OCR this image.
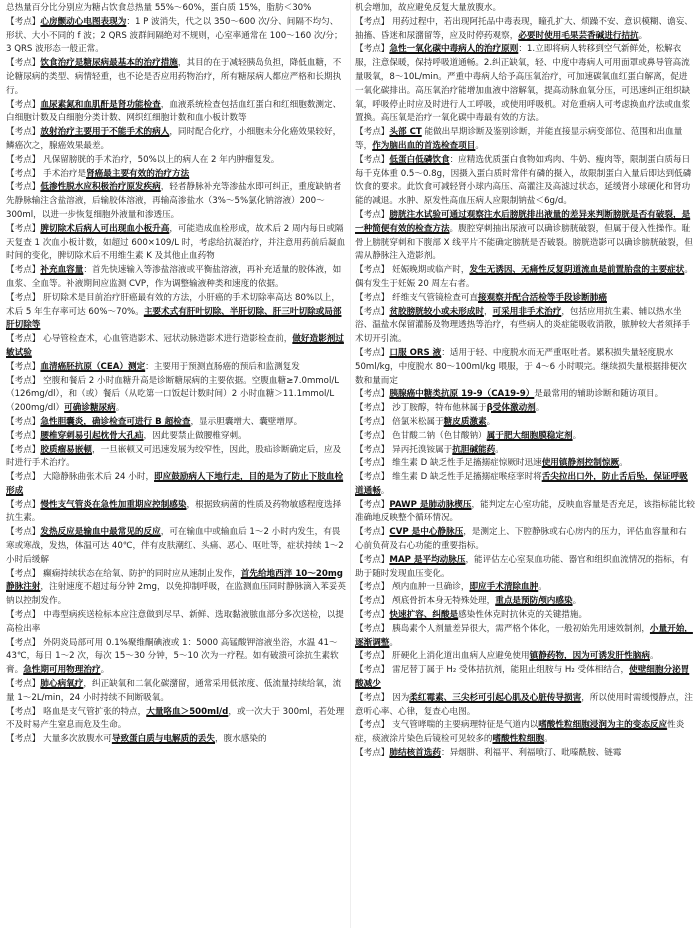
总热量百分比分别应为糖占饮食总热量 55%～60%，蛋白质 15%，脂肪＜30%

【考点】心房颤动心电图表现为：1 P 波消失，代之以 350～600 次/分、间隔不均匀、形状、大小不同的 f 波；2 QRS 波群间隔绝对不规则，心室率通常在 100～160 次/分；3 QRS 波形态一般正常。

【考点】饮食治疗是糖尿病最基本的治疗措施，其目的在于减轻胰岛负担，降低血糖，不论糖尿病的类型、病情轻重，也不论是否应用药物治疗，所有糖尿病人都应严格和长期执行。

【考点】血尿素氮和血肌酐是肾功能检查，血液系统检查包括血红蛋白和红细胞数测定、白细胞计数及白细胞分类计数、网织红细胞计数和血小板计数等

【考点】放射治疗主要用于不能手术的病人，同时配合化疗，小细胞未分化癌效果较好，鳞癌次之，腺癌效果最差。

【考点】 凡保留膀胱的手术治疗，50%以上的病人在 2 年内肿瘤复发。

【考点】 手术治疗是肾癌最主要有效的治疗方法

【考点】低渗性脱水应积极治疗原发疾病，轻者静脉补充等渗盐水即可纠正，重度缺钠者先静脉输注含盐溶液，后输胶体溶液，再输高渗盐水（3%～5%氯化钠溶液）200～300ml，以进一步恢复细胞外液量和渗透压。

【考点】脾切除术后病人可出现血小板升高，可能造成血栓形成，故术后 2 周内每日或隔天复查 1 次血小板计数，如超过 600×109/L 时，考虑给抗凝治疗，并注意用药前后凝血时间的变化，脾切除术后不用维生素 K 及其他止血药物

【考点】补充血容量：首先快速输入等渗盐溶液或平衡盐溶液，再补充适量的胶体液，如血浆、全血等。补液期间应监测 CVP，作为调整输液种类和速度的依据。

【考点】 肝切除术是目前治疗肝癌最有效的方法，小肝癌的手术切除率高达 80%以上，术后 5 年生存率可达 60%～70%。主要术式有肝叶切除、半肝切除、肝三叶切除或局部肝切除等

【考点】 心导管检查术，心血管造影术、冠状动脉造影术进行造影检查前，做好造影剂过敏试验

【考点】血清癌胚抗原（CEA）测定：主要用于预测直肠癌的预后和监测复发

【考点】 空腹和餐后 2 小时血糖升高是诊断糖尿病的主要依据。空腹血糖≥7.0mmol/L（126mg/dl），和（或）餐后（从吃第一口饭起计数时间）2 小时血糖＞11.1mmol/L（200mg/dl）可确诊糖尿病。

【考点】急性胆囊炎，确诊检查可进行 B 超检查，显示胆囊增大、囊壁增厚。

【考点】腰椎穿刺易引起枕骨大孔疝，因此要禁止做腰椎穿刺。

【考点】胶质瘤易嵌顿，一旦嵌顿又可迅速发展为绞窄性，因此，股疝诊断确定后，应及时进行手术治疗。

【考点】 大隐静脉曲张术后 24 小时，即应鼓励病人下地行走，目的是为了防止下肢血栓形成

【考点】慢性支气管炎在急性加重期应控制感染，根据致病菌的性质及药物敏感程度选择抗生素。

【考点】发热反应是输血中最常见的反应，可在输血中或输血后 1～2 小时内发生，有畏寒或寒战，发热，体温可达 40℃，伴有皮肤潮红、头痛、恶心、呕吐等，症状持续 1～2 小时后缓解

【考点】 癫痫持续状态在给氧、防护的同时应从速制止发作，首先给地西泮 10～20mg 静脉注射，注射速度不超过每分钟 2mg，以免抑制呼吸，在监测血压同时静脉滴入苯妥英钠以控制发作。

【考点】 中毒型病疾送检标本应注意做到尽早、新鲜、选取黏液脓血部分多次送检，以提高检出率

【考点】 外阴炎局部可用 0.1%聚维酮碘液或 1：5000 高锰酸钾溶液坐浴，水温 41～43℃，每日 1～2 次，每次 15～30 分钟，5～10 次为一疗程。如有破溃可涂抗生素软膏。急性期可用物理治疗。

【考点】肺心病氧疗，纠正缺氧和二氧化碳潴留，通常采用低浓度、低流量持续给氧，流量 1～2L/min，24 小时持续不间断吸氧。

【考点】 咯血是支气管扩张的特点，大量咯血＞500ml/d，或一次大于 300ml，若处理不及时易产生窒息而危及生命。

【考点】 大量多次放腹水可导致蛋白质与电解质的丢失，腹水感染的

机会增加，故应避免反复大量放腹水。

【考点】 用药过程中，若出现阿托品中毒表现，瞳孔扩大、烦躁不安、意识模糊、谵妄、抽搐、昏迷和尿潴留等，应及时停药观察，必要时使用毛果芸香碱进行拮抗。

【考点】急性一氧化碳中毒病人的治疗原则：1.立即将病人转移到空气新鲜处，松解衣服，注意保暖，保持呼吸道通畅。2.纠正缺氧，轻、中度中毒病人可用面罩或鼻导管高流量吸氧，8～10L/min。严重中毒病人给予高压氧治疗，可加速碳氧血红蛋白解离，促进一氧化碳排出。高压氧治疗能增加血液中溶解氧，提高动脉血氧分压，可迅速纠正组织缺氧，呼吸停止时应及时进行人工呼吸，或使用呼吸机。对危重病人可考虑换血疗法或血浆置换。高压氧是治疗一氧化碳中毒最有效的方法。

【考点】头部 CT 能做出早期诊断及鉴别诊断，并能直接显示病变部位、范围和出血量等，作为脑出血的首选检查项目。

【考点】低蛋白低磷饮食：应精选优质蛋白食物如鸡肉、牛奶、瘦肉等，限制蛋白质每日每千克体重 0.5～0.8g，因摄入蛋白质时常伴有磷的摄入，故限制蛋白入量后即达到低磷饮食的要求。此饮食可减轻肾小球内高压、高灌注及高滤过状态，延缓肾小球硬化和肾功能的减退。水肿、原发性高血压病人应限制钠盐＜6g/d。

【考点】膀胱注水试验可通过观察注水后膀胱排出液量的差异来判断膀胱是否有破裂，是一种简便有效的检查方法。腹腔穿刺抽出尿液可以确诊膀胱破裂，但属于侵入性操作。耻骨上膀胱穿刺和下腹部 X 线平片不能确定膀胱是否破裂。膀胱造影可以确诊膀胱破裂，但需从静脉注入造影剂。

【考点】 妊娠晚期或临产时，发生无诱因、无痛性反复阴道流血是前置胎盘的主要症状。偶有发生于妊娠 20 周左右者。

【考点】 纤维支气管镜检查可直接观察并配合活检等手段诊断肺癌

【考点】贫胶膀胱较小或未形成时，可采用非手术治疗，包括应用抗生素、辅以热水坐浴、温盐水保留灌肠及物理透热等治疗，有些病人的炎症能吸收消散，脓肿较大者须择手术切开引流。

【考点】口服 ORS 液：适用于轻、中度脱水而无严重呕吐者。累积损失量轻度脱水 50ml/kg，中度脱水 80～100ml/kg 喂服，于 4～6 小时喂完。继续损失量根据排便次数和量而定

【考点】胰腺癌中糖类抗原 19-9（CA19-9）是最常用的辅助诊断和随访项目。

【考点】 沙丁胺醇，特布他林属于β受体激动剂。

【考点】 倍氯米松属于糖皮质激素。

【考点】 色甘酸二钠（色甘酸钠）属于肥大细胞膜稳定剂。

【考点】 异丙托溴铵属于抗胆碱能药。

【考点】 维生素 D 缺乏性手足搐搦症惊厥时迅速使用镇静剂控制惊厥。

【考点】 维生素 D 缺乏性手足搐搦症喉痉挛时将舌尖拉出口外，防止舌后坠，保证呼吸道通畅。

【考点】PAWP 是肺动脉楔压，能判定左心室功能，反映血容量是否充足，该指标能比较准确地反映整个循环情况。

【考点】CVP 是中心静脉压，是测定上、下腔静脉或右心房内的压力，评估血容量和右心前负荷及右心功能的重要指标。

【考点】MAP 是平均动脉压，能评估左心室泵血功能、器官和组织血流情况的指标，有助于随时发现血压变化。

【考点】 颅内血肿一旦确诊，即应手术清除血肿。

【考点】 颅底骨折本身无特殊处理，重点是预防颅内感染。

【考点】快速扩容、纠酸是感染性休克时抗休克的关键措施。

【考点】 胰岛素个人剂量差异很大，需严格个体化，一般初始先用速效制剂，小量开始，逐渐调整。

【考点】 肝硬化上消化道出血病人应避免使用镇静药物，因为可诱发肝性脑病。

【考点】 雷尼替丁属于 H₂ 受体拮抗剂，能阻止组胺与 H₂ 受体相结合，使壁细胞分泌胃酸减少

【考点】 因为柔红霉素、三尖杉可引起心肌及心脏传导损害，所以使用时需缓慢静点，注意听心率、心律，复查心电图。

【考点】 支气管哮喘的主要病理特征是气道内以嗜酸性粒细胞浸润为主的变态反应性炎症，痰液涂片染色后镜检可见较多的嗜酸性粒细胞。

【考点】肺结核首选药：异烟肼、利福平、利福喷汀、吡嗪酰胺、链霉
